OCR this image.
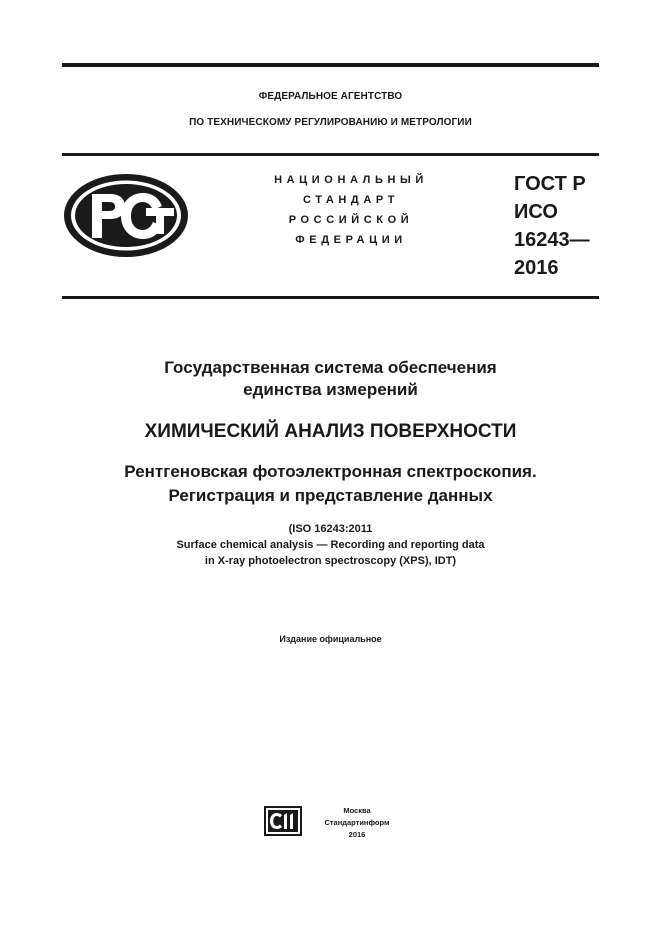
ФЕДЕРАЛЬНОЕ АГЕНТСТВО
ПО ТЕХНИЧЕСКОМУ РЕГУЛИРОВАНИЮ И МЕТРОЛОГИИ
НАЦИОНАЛЬНЫЙ
СТАНДАРТ
РОССИЙСКОЙ
ФЕДЕРАЦИИ
ГОСТ Р
ИСО
16243—
2016
Государственная система обеспечения
единства измерений
ХИМИЧЕСКИЙ АНАЛИЗ ПОВЕРХНОСТИ
Рентгеновская фотоэлектронная спектроскопия.
Регистрация и представление данных
(ISO 16243:2011
Surface chemical analysis — Recording and reporting data
in X-ray photoelectron spectroscopy (XPS), IDT)
Издание официальное
Москва
Стандартинформ
2016
